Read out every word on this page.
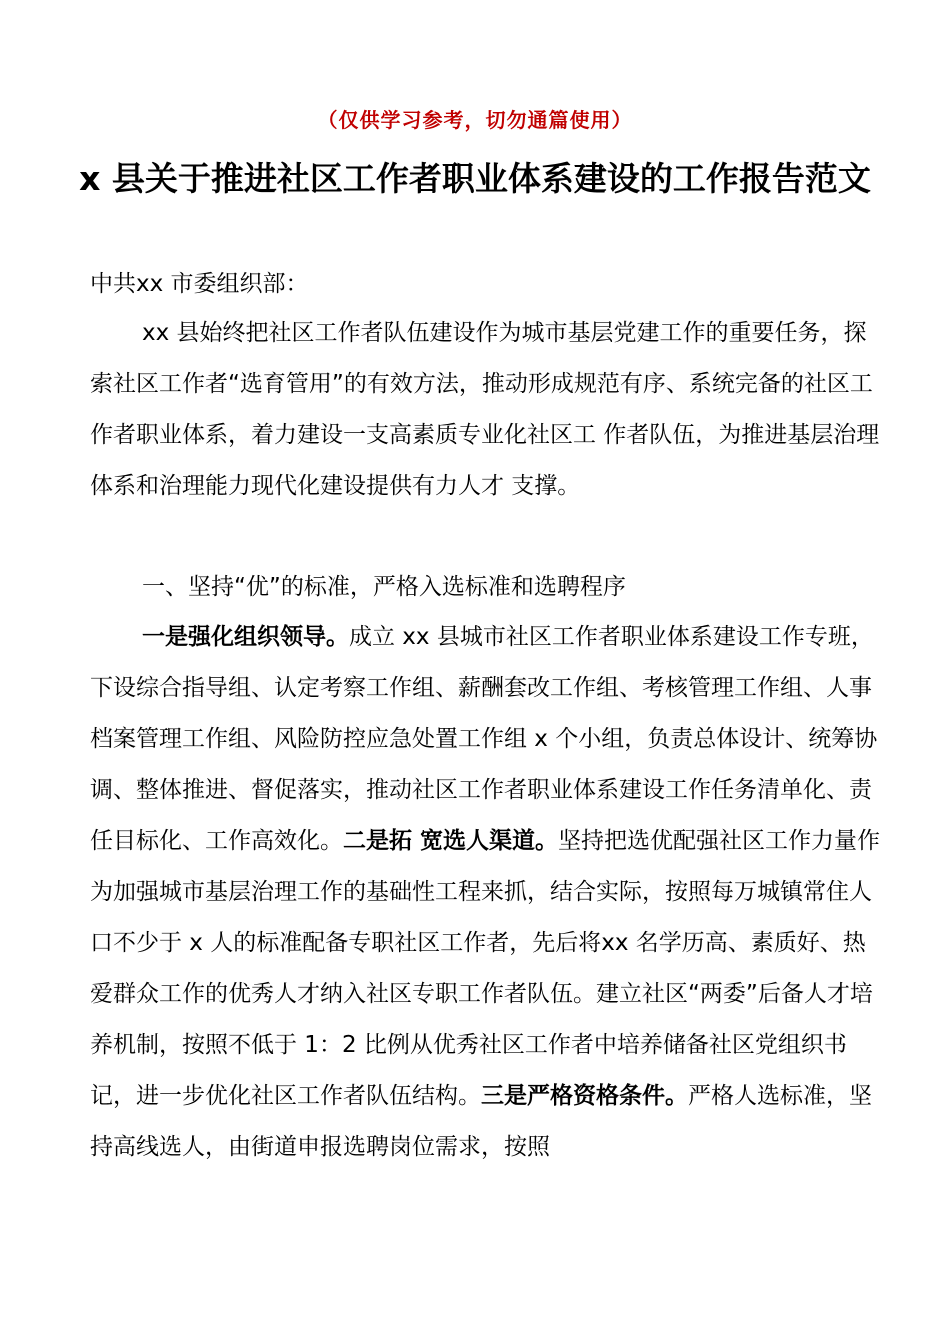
（仅供学习参考，切勿通篇使用）
x 县关于推进社区工作者职业体系建设的工作报告范文
中共xx 市委组织部：
xx 县始终把社区工作者队伍建设作为城市基层党建工作的重要任务，探索社区工作者“选育管用”的有效方法，推动形成规范有序、系统完备的社区工作者职业体系，着力建设一支高素质专业化社区工 作者队伍，为推进基层治理体系和治理能力现代化建设提供有力人才 支撑。
一、坚持“优”的标准，严格入选标准和选聘程序
一是强化组织领导。成立 xx 县城市社区工作者职业体系建设工作专班，下设综合指导组、认定考察工作组、薪酬套改工作组、考核管理工作组、人事档案管理工作组、风险防控应急处置工作组 x 个小组，负责总体设计、统筹协调、整体推进、督促落实，推动社区工作者职业体系建设工作任务清单化、责任目标化、工作高效化。二是拓 宽选人渠道。坚持把选优配强社区工作力量作为加强城市基层治理工作的基础性工程来抓，结合实际，按照每万城镇常住人口不少于 x 人的标准配备专职社区工作者，先后将xx 名学历高、素质好、热爱群众工作的优秀人才纳入社区专职工作者队伍。建立社区“两委”后备人才培养机制，按照不低于 1：2 比例从优秀社区工作者中培养储备社区党组织书记，进一步优化社区工作者队伍结构。三是严格资格条件。严格人选标准，坚持高线选人，由街道申报选聘岗位需求，按照
